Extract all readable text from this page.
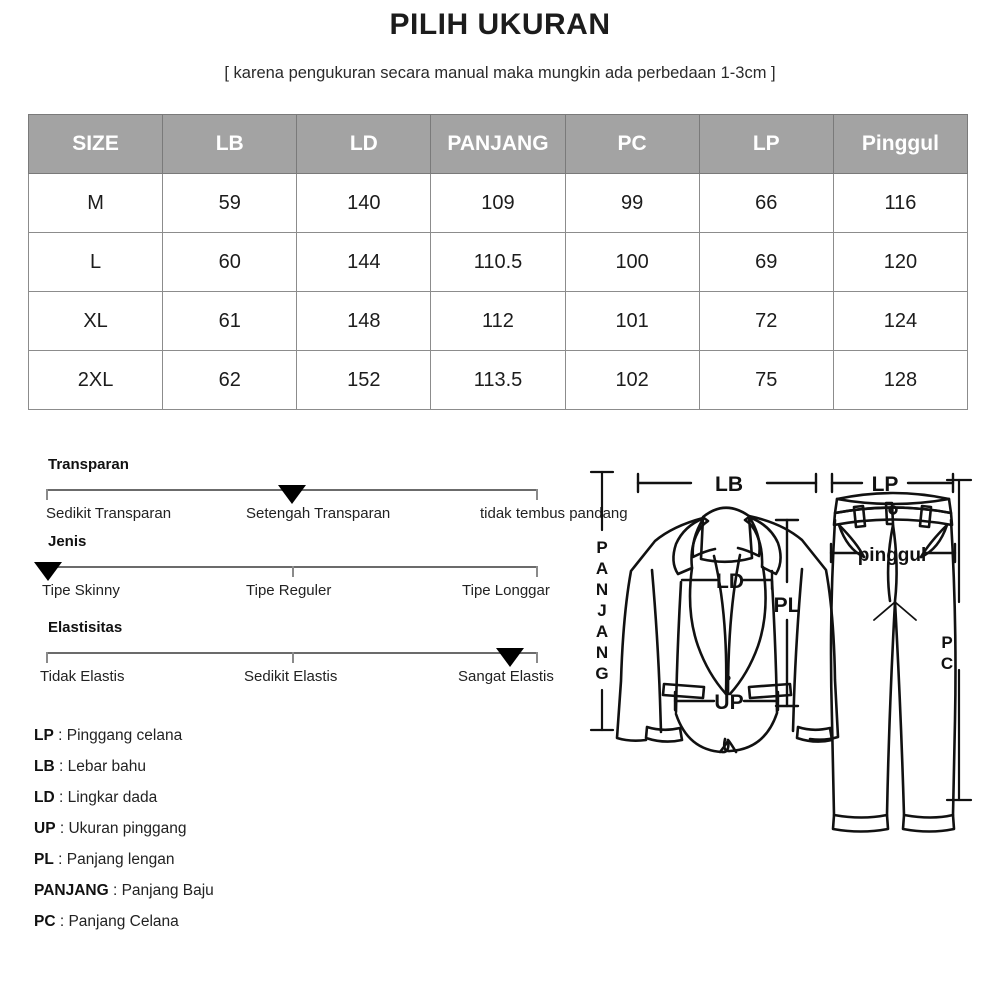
PILIH UKURAN
[ karena pengukuran secara manual maka mungkin ada perbedaan 1-3cm ]
SIZE	LB	LD	PANJANG	PC	LP	Pinggul
M	59	140	109	99	66	116
L	60	144	110.5	100	69	120
XL	61	148	112	101	72	124
2XL	62	152	113.5	102	75	128
Transparan
Sedikit Transparan	Setengah Transparan	tidak tembus pandang
Jenis
Tipe Skinny	Tipe Reguler	Tipe Longgar
Elastisitas
Tidak Elastis	Sedikit Elastis	Sangat Elastis
LP : Pinggang celana
LB : Lebar bahu
LD : Lingkar dada
UP : Ukuran pinggang
PL : Panjang lengan
PANJANG : Panjang Baju
PC : Panjang Celana
P
A
N
J
A
N
G
P
C
LB
LD
UP
PL
LP
pinggul
